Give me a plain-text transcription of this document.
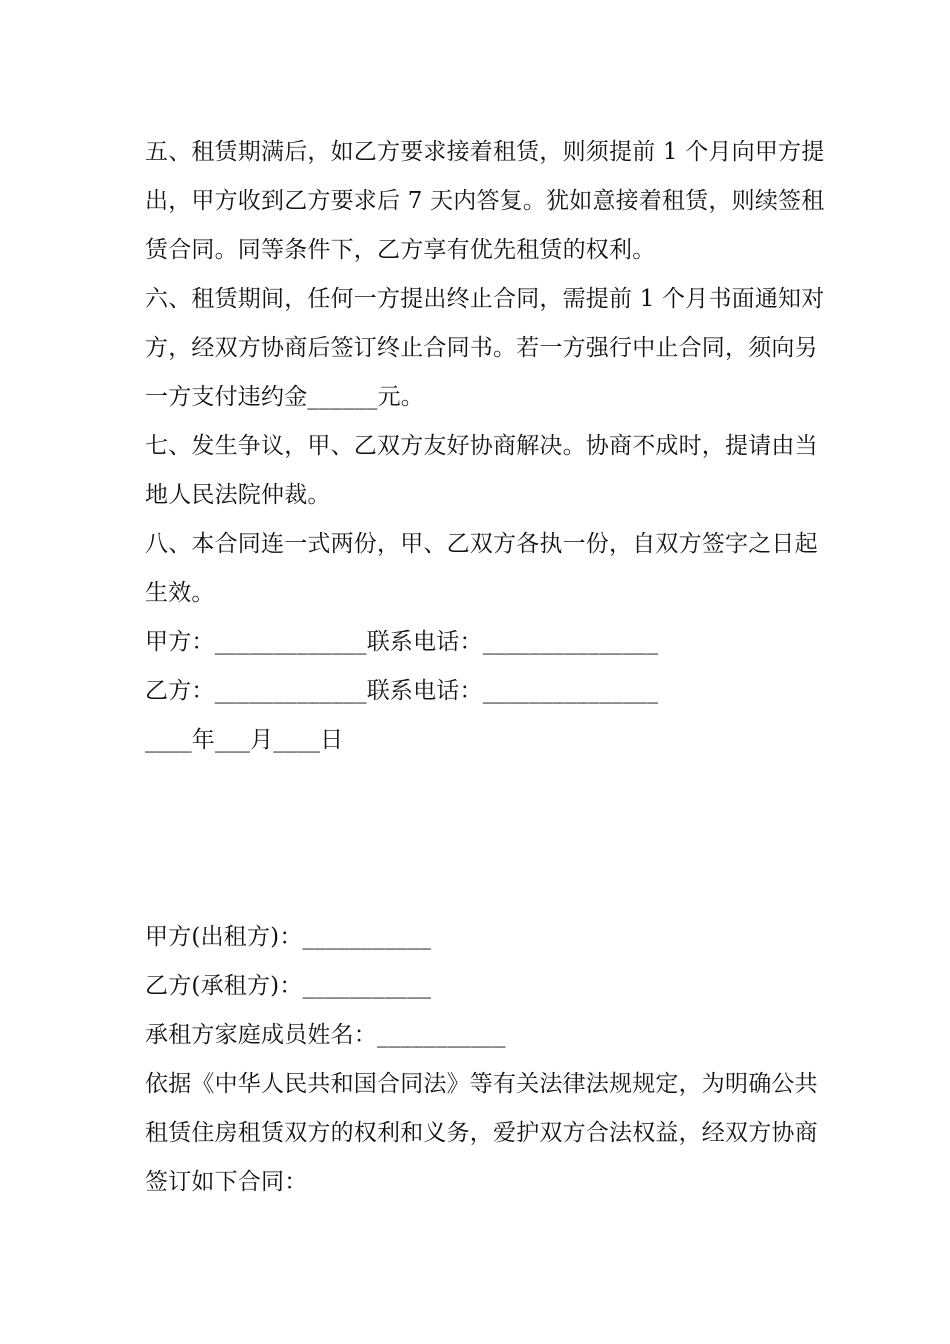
五、租赁期满后，如乙方要求接着租赁，则须提前 1 个月向甲方提
出，甲方收到乙方要求后 7 天内答复。犹如意接着租赁，则续签租
赁合同。同等条件下，乙方享有优先租赁的权利。
六、租赁期间，任何一方提出终止合同，需提前 1 个月书面通知对
方，经双方协商后签订终止合同书。若一方强行中止合同，须向另
一方支付违约金______元。
七、发生争议，甲、乙双方友好协商解决。协商不成时，提请由当
地人民法院仲裁。
八、本合同连一式两份，甲、乙双方各执一份，自双方签字之日起
生效。
甲方：_____________联系电话：_______________
乙方：_____________联系电话：_______________
____年___月____日
甲方(出租方)：___________
乙方(承租方)：___________
承租方家庭成员姓名：___________
依据《中华人民共和国合同法》等有关法律法规规定，为明确公共
租赁住房租赁双方的权利和义务，爱护双方合法权益，经双方协商
签订如下合同：
